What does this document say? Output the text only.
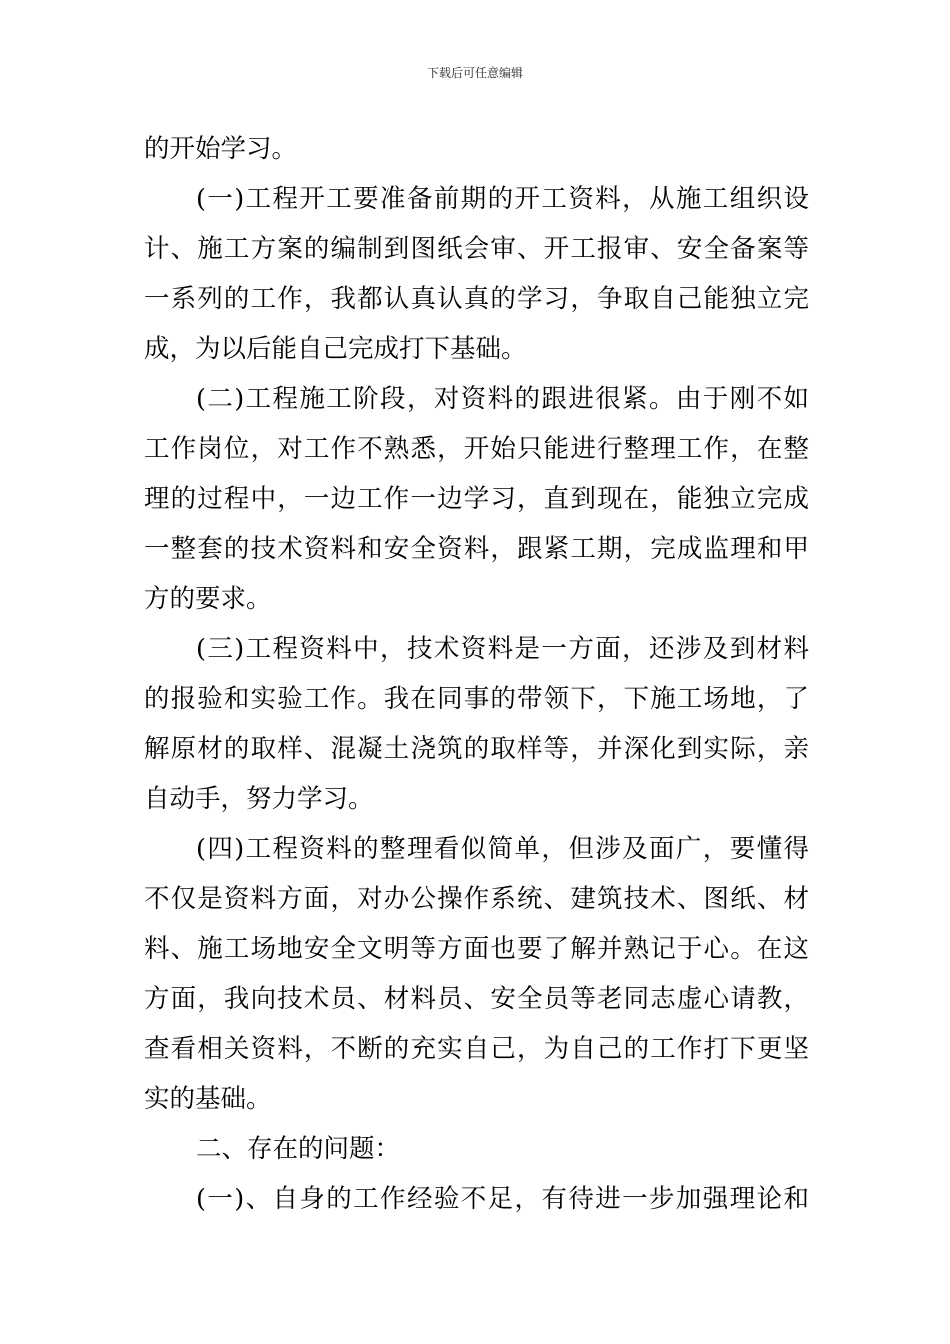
下载后可任意编辑
的开始学习。
(一)工程开工要准备前期的开工资料，从施工组织设
计、施工方案的编制到图纸会审、开工报审、安全备案等
一系列的工作，我都认真认真的学习，争取自己能独立完
成，为以后能自己完成打下基础。
(二)工程施工阶段，对资料的跟进很紧。由于刚不如
工作岗位，对工作不熟悉，开始只能进行整理工作，在整
理的过程中，一边工作一边学习，直到现在，能独立完成
一整套的技术资料和安全资料，跟紧工期，完成监理和甲
方的要求。
(三)工程资料中，技术资料是一方面，还涉及到材料
的报验和实验工作。我在同事的带领下，下施工场地，了
解原材的取样、混凝土浇筑的取样等，并深化到实际，亲
自动手，努力学习。
(四)工程资料的整理看似简单，但涉及面广，要懂得
不仅是资料方面，对办公操作系统、建筑技术、图纸、材
料、施工场地安全文明等方面也要了解并熟记于心。在这
方面，我向技术员、材料员、安全员等老同志虚心请教，
查看相关资料，不断的充实自己，为自己的工作打下更坚
实的基础。
二、存在的问题：
(一)、自身的工作经验不足，有待进一步加强理论和
